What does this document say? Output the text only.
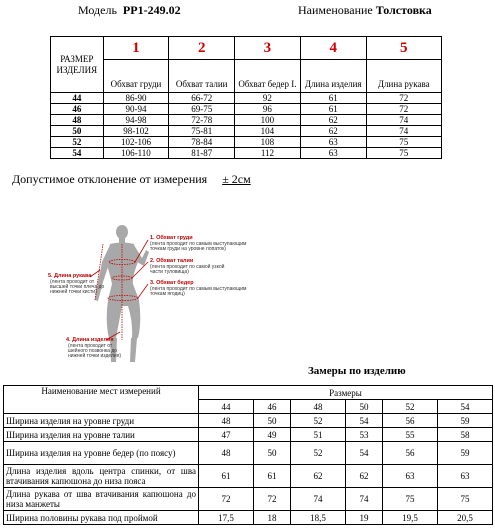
Модель РР1-249.02	Наименование Толстовка
РАЗМЕР ИЗДЕЛИЯ	1	2	3	4	5
	Обхват груди	Обхват талии	Обхват бедер I.	Длина изделия	Длина рукава
44	86-90	66-72	92	61	72
46	90-94	69-75	96	61	72
48	94-98	72-78	100	62	74
50	98-102	75-81	104	62	74
52	102-106	78-84	108	63	75
54	106-110	81-87	112	63	75
Допустимое отклонение от измерения ± 2см
1. Обхват груди
(лента проходит по самым выступающим
точкам груди на уровне лопаток)
2. Обхват талии
(лента проходит по самой узкой
части туловища)
3. Обхват бедер
(лента проходит по самым выступающим
точкам ягодиц)
5. Длина рукава
(лента проходит от
высшей точки плеча до
нижней точки кисти)
4. Длина изделия
(лента проходит от
шейного позвонка до
нижней точки изделия)
Замеры по изделию
Наименование мест измерений	Размеры					
	44	46	48	50	52	54
Ширина изделия на уровне груди	48	50	52	54	56	59
Ширина изделия на уровне талии	47	49	51	53	55	58
Ширина изделия на уровне бедер (по поясу)	48	50	52	54	56	59
Длина изделия вдоль центра спинки, от шва втачивания капюшона до низа пояса	61	61	62	62	63	63
Длина рукава от шва втачивания капюшона до низа манжеты	72	72	74	74	75	75
Ширина половины рукава под проймой	17,5	18	18,5	19	19,5	20,5
